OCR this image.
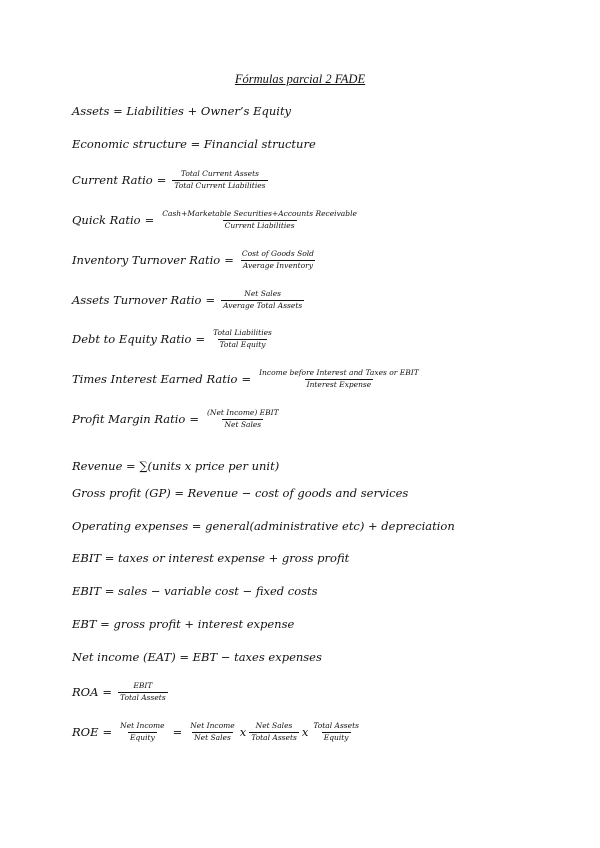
Fórmulas parcial 2 FADE
Assets = Liabilities + Owner’s Equity
Economic structure = Financial structure
Current Ratio = $\frac{\text{Total Current Assets}}{\text{Total Current Liabilities}}$
Quick Ratio = $\frac{\text{Cash+Marketable Securities+Accounts Receivable}}{\text{Current Liabilities}}$
Inventory Turnover Ratio = $\frac{\text{Cost of Goods Sold}}{\text{Average Inventory}}$
Assets Turnover Ratio = $\frac{\text{Net Sales}}{\text{Average Total Assets}}$
Debt to Equity Ratio = $\frac{\text{Total Liabilities}}{\text{Total Equity}}$
Times Interest Earned Ratio = $\frac{\text{Income before Interest and Taxes or EBIT}}{\text{Interest Expense}}$
Profit Margin Ratio = $\frac{\text{(Net Income) EBIT}}{\text{Net Sales}}$
Revenue = ∑(units x price per unit)
Gross profit (GP) = Revenue − cost of goods and services
Operating expenses = general(administrative etc) + depreciation
EBIT = taxes or interest expense + gross profit
EBIT = sales − variable cost − fixed costs
EBT = gross profit + interest expense
Net income (EAT) = EBT − taxes expenses
ROA = $\frac{\text{EBIT}}{\text{Total Assets}}$
ROE = $\frac{\text{Net Income}}{\text{Equity}} = \frac{\text{Net Income}}{\text{Net Sales}}$ x $\frac{\text{Net Sales}}{\text{Total Assets}}$ x $\frac{\text{Total Assets}}{\text{Equity}}$
